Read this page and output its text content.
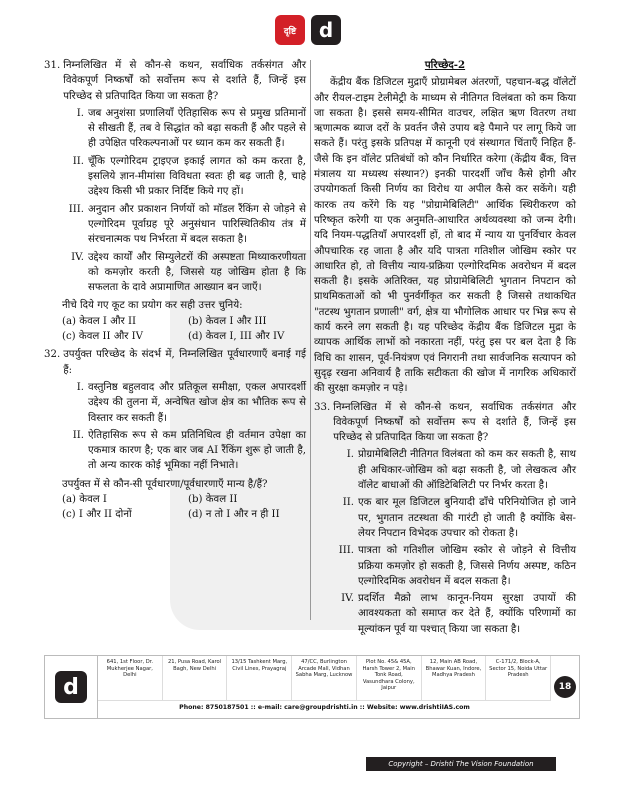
दृष्टि	d
31. निम्नलिखित में से कौन-से कथन, सर्वाधिक तर्कसंगत और विवेकपूर्ण निष्कर्षों को सर्वोत्तम रूप से दर्शाते हैं, जिन्हें इस परिच्छेद से प्रतिपादित किया जा सकता है?
I. जब अनुशंसा प्रणालियाँ ऐतिहासिक रूप से प्रमुख प्रतिमानों से सीखती हैं, तब वे सिद्धांत को बढ़ा सकती हैं और पहले से ही उपेक्षित परिकल्पनाओं पर ध्यान कम कर सकती हैं।
II. चूँकि एल्गोरिदम ट्राइएज इकाई लागत को कम करता है, इसलिये ज्ञान-मीमांसा विविधता स्वतः ही बढ़ जाती है, चाहे उद्देश्य किसी भी प्रकार निर्दिष्ट किये गए हों।
III. अनुदान और प्रकाशन निर्णयों को मॉडल रैंकिंग से जोड़ने से एल्गोरिदम पूर्वाग्रह पूरे अनुसंधान पारिस्थितिकीय तंत्र में संरचनात्मक पथ निर्भरता में बदल सकता है।
IV. उद्देश्य कार्यों और सिम्युलेटरों की अस्पष्टता मिथ्याकरणीयता को कमज़ोर करती है, जिससे यह जोखिम होता है कि सफलता के दावे अप्रामाणित आख्यान बन जाएँ।
नीचे दिये गए कूट का प्रयोग कर सही उत्तर चुनिये:
(a) केवल I और II	(b) केवल I और III
(c) केवल II और IV	(d) केवल I, III और IV
32. उपर्युक्त परिच्छेद के संदर्भ में, निम्नलिखित पूर्वधारणाएँ बनाई गई हैं:
I. वस्तुनिष्ठ बहुलवाद और प्रतिकूल समीक्षा, एकल अपारदर्शी उद्देश्य की तुलना में, अन्वेषित खोज क्षेत्र का भौतिक रूप से विस्तार कर सकती हैं।
II. ऐतिहासिक रूप से कम प्रतिनिधित्व ही वर्तमान उपेक्षा का एकमात्र कारण है; एक बार जब AI रैंकिंग शुरू हो जाती है, तो अन्य कारक कोई भूमिका नहीं निभाते।
उपर्युक्त में से कौन-सी पूर्वधारणा/पूर्वधारणाएँ मान्य है/हैं?
(a) केवल I	(b) केवल II
(c) I और II दोनों	(d) न तो I और न ही II
परिच्छेद-2
केंद्रीय बैंक डिजिटल मुद्राएँ प्रोग्रामेबल अंतरणों, पहचान-बद्ध वॉलेटों और रीयल-टाइम टेलीमेट्री के माध्यम से नीतिगत विलंबता को कम किया जा सकता है। इससे समय-सीमित वाउचर, लक्षित ऋण वितरण तथा ऋणात्मक ब्याज दरों के प्रवर्तन जैसे उपाय बड़े पैमाने पर लागू किये जा सकते हैं। परंतु इसके प्रतिपक्ष में कानूनी एवं संस्थागत चिंताएँ निहित हैं- जैसे कि इन वॉलेट प्रतिबंधों को कौन निर्धारित करेगा (केंद्रीय बैंक, वित्त मंत्रालय या मध्यस्थ संस्थान?) इनकी पारदर्शी जाँच कैसे होगी और उपयोगकर्ता किसी निर्णय का विरोध या अपील कैसे कर सकेंगे। यही कारक तय करेंगे कि यह "प्रोग्रामेबिलिटी" आर्थिक स्थिरीकरण को परिष्कृत करेगी या एक अनुमति-आधारित अर्थव्यवस्था को जन्म देगी। यदि नियम-पद्धतियाँ अपारदर्शी हों, तो बाद में न्याय या पुनर्विचार केवल औपचारिक रह जाता है और यदि पात्रता गतिशील जोखिम स्कोर पर आधारित हो, तो वित्तीय न्याय-प्रक्रिया एल्गोरिदमिक अवरोधन में बदल सकती है। इसके अतिरिक्त, यह प्रोग्रामेबिलिटी भुगतान निपटान को प्राथमिकताओं को भी पुनर्वर्गीकृत कर सकती है जिससे तथाकथित "तटस्थ भुगतान प्रणाली" वर्ग, क्षेत्र या भौगोलिक आधार पर भिन्न रूप से कार्य करने लग सकती है। यह परिच्छेद केंद्रीय बैंक डिजिटल मुद्रा के व्यापक आर्थिक लाभों को नकारता नहीं, परंतु इस पर बल देता है कि विधि का शासन, पूर्व-नियंत्रण एवं निगरानी तथा सार्वजनिक सत्यापन को सुदृढ़ रखना अनिवार्य है ताकि सटीकता की खोज में नागरिक अधिकारों की सुरक्षा कमज़ोर न पड़े।
33. निम्नलिखित में से कौन-से कथन, सर्वाधिक तर्कसंगत और विवेकपूर्ण निष्कर्षों को सर्वोत्तम रूप से दर्शाते हैं, जिन्हें इस परिच्छेद से प्रतिपादित किया जा सकता है?
I. प्रोग्रामेबिलिटी नीतिगत विलंबता को कम कर सकती है, साथ ही अधिकार-जोखिम को बढ़ा सकती है, जो लेखकत्व और वॉलेट बाधाओं की ऑडिटेबिलिटी पर निर्भर करता है।
II. एक बार मूल डिजिटल बुनियादी ढाँचे परिनियोजित हो जाने पर, भुगतान तटस्थता की गारंटी हो जाती है क्योंकि बेस-लेयर निपटान विभेदक उपचार को रोकता है।
III. पात्रता को गतिशील जोखिम स्कोर से जोड़ने से वित्तीय प्रक्रिया कमज़ोर हो सकती है, जिससे निर्णय अस्पष्ट, कठिन एल्गोरिदमिक अवरोधन में बदल सकता है।
IV. प्रदर्शित मैक्रो लाभ कानून-नियम सुरक्षा उपायों की आवश्यकता को समाप्त कर देते हैं, क्योंकि परिणामों का मूल्यांकन पूर्व या पश्चात् किया जा सकता है।
d
641, 1st Floor, Dr. Mukherjee Nagar, Delhi
21, Pusa Road, Karol Bagh, New Delhi
13/15 Tashkent Marg, Civil Lines, Prayagraj
47/CC, Burlington Arcade Mall, Vidhan Sabha Marg, Lucknow
Plot No. 45& 45A, Harsh Tower 2, Main Tonk Road, Vasundhara Colony, Jaipur
12, Main AB Road, Bhawar Kuan, Indore, Madhya Pradesh
C-171/2, Block-A, Sector 15, Noida Uttar Pradesh
Phone: 8750187501 :: e-mail: care@groupdrishti.in :: Website: www.drishtiIAS.com
18
Copyright – Drishti The Vision Foundation
